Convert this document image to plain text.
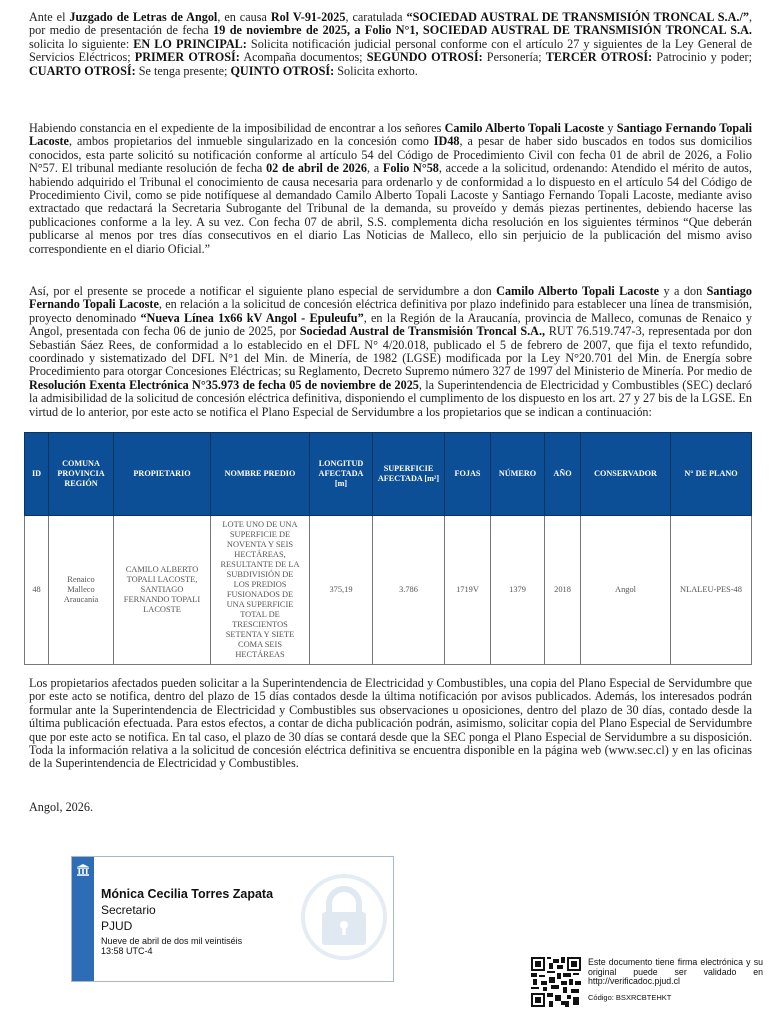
Ante el Juzgado de Letras de Angol, en causa Rol V-91-2025, caratulada “SOCIEDAD AUSTRAL DE TRANSMISIÓN TRONCAL S.A./”, por medio de presentación de fecha 19 de noviembre de 2025, a Folio N°1, SOCIEDAD AUSTRAL DE TRANSMISIÓN TRONCAL S.A. solicita lo siguiente: EN LO PRINCIPAL: Solicita notificación judicial personal conforme con el artículo 27 y siguientes de la Ley General de Servicios Eléctricos; PRIMER OTROSÍ: Acompaña documentos; SEGUNDO OTROSÍ: Personería; TERCER OTROSÍ: Patrocinio y poder; CUARTO OTROSÍ: Se tenga presente; QUINTO OTROSÍ: Solicita exhorto.

Habiendo constancia en el expediente de la imposibilidad de encontrar a los señores Camilo Alberto Topali Lacoste y Santiago Fernando Topali Lacoste, ambos propietarios del inmueble singularizado en la concesión como ID48, a pesar de haber sido buscados en todos sus domicilios conocidos, esta parte solicitó su notificación conforme al artículo 54 del Código de Procedimiento Civil con fecha 01 de abril de 2026, a Folio N°57. El tribunal mediante resolución de fecha 02 de abril de 2026, a Folio N°58, accede a la solicitud, ordenando: Atendido el mérito de autos, habiendo adquirido el Tribunal el conocimiento de causa necesaria para ordenarlo y de conformidad a lo dispuesto en el artículo 54 del Código de Procedimiento Civil, como se pide notifíquese al demandado Camilo Alberto Topali Lacoste y Santiago Fernando Topali Lacoste, mediante aviso extractado que redactará la Secretaria Subrogante del Tribunal de la demanda, su proveído y demás piezas pertinentes, debiendo hacerse las publicaciones conforme a la ley. A su vez. Con fecha 07 de abril, S.S. complementa dicha resolución en los siguientes términos “Que deberán publicarse al menos por tres días consecutivos en el diario Las Noticias de Malleco, ello sin perjuicio de la publicación del mismo aviso correspondiente en el diario Oficial.”

Así, por el presente se procede a notificar el siguiente plano especial de servidumbre a don Camilo Alberto Topali Lacoste y a don Santiago Fernando Topali Lacoste, en relación a la solicitud de concesión eléctrica definitiva por plazo indefinido para establecer una línea de transmisión, proyecto denominado “Nueva Línea 1x66 kV Angol - Epuleufu”, en la Región de la Araucanía, provincia de Malleco, comunas de Renaico y Angol, presentada con fecha 06 de junio de 2025, por Sociedad Austral de Transmisión Troncal S.A., RUT 76.519.747-3, representada por don Sebastián Sáez Rees, de conformidad a lo establecido en el DFL N° 4/20.018, publicado el 5 de febrero de 2007, que fija el texto refundido, coordinado y sistematizado del DFL N°1 del Min. de Minería, de 1982 (LGSE) modificada por la Ley N°20.701 del Min. de Energía sobre Procedimiento para otorgar Concesiones Eléctricas; su Reglamento, Decreto Supremo número 327 de 1997 del Ministerio de Minería. Por medio de Resolución Exenta Electrónica N°35.973 de fecha 05 de noviembre de 2025, la Superintendencia de Electricidad y Combustibles (SEC) declaró la admisibilidad de la solicitud de concesión eléctrica definitiva, disponiendo el cumplimento de los dispuesto en los art. 27 y 27 bis de la LGSE. En virtud de lo anterior, por este acto se notifica el Plano Especial de Servidumbre a los propietarios que se indican a continuación:

ID	COMUNA PROVINCIA REGIÓN	PROPIETARIO	NOMBRE PREDIO	LONGITUD AFECTADA [m]	SUPERFICIE AFECTADA [m²]	FOJAS	NÚMERO	AÑO	CONSERVADOR	N° DE PLANO
48	Renaico Malleco Araucanía	CAMILO ALBERTO TOPALI LACOSTE, SANTIAGO FERNANDO TOPALI LACOSTE	LOTE UNO DE UNA SUPERFICIE DE NOVENTA Y SEIS HECTÁREAS, RESULTANTE DE LA SUBDIVISIÓN DE LOS PREDIOS FUSIONADOS DE UNA SUPERFICIE TOTAL DE TRESCIENTOS SETENTA Y SIETE COMA SEIS HECTÁREAS	375,19	3.786	1719V	1379	2018	Angol	NLALEU-PES-48

Los propietarios afectados pueden solicitar a la Superintendencia de Electricidad y Combustibles, una copia del Plano Especial de Servidumbre que por este acto se notifica, dentro del plazo de 15 días contados desde la última notificación por avisos publicados. Además, los interesados podrán formular ante la Superintendencia de Electricidad y Combustibles sus observaciones u oposiciones, dentro del plazo de 30 días, contado desde la última publicación efectuada. Para estos efectos, a contar de dicha publicación podrán, asimismo, solicitar copia del Plano Especial de Servidumbre que por este acto se notifica. En tal caso, el plazo de 30 días se contará desde que la SEC ponga el Plano Especial de Servidumbre a su disposición. Toda la información relativa a la solicitud de concesión eléctrica definitiva se encuentra disponible en la página web (www.sec.cl) y en las oficinas de la Superintendencia de Electricidad y Combustibles.

Angol, 2026.

Mónica Cecilia Torres Zapata
Secretario
PJUD
Nueve de abril de dos mil veintiséis
13:58 UTC-4
Este documento tiene firma electrónica y su original puede ser validado en http://verificadoc.pjud.cl
Código: BSXRCBTEHKT
